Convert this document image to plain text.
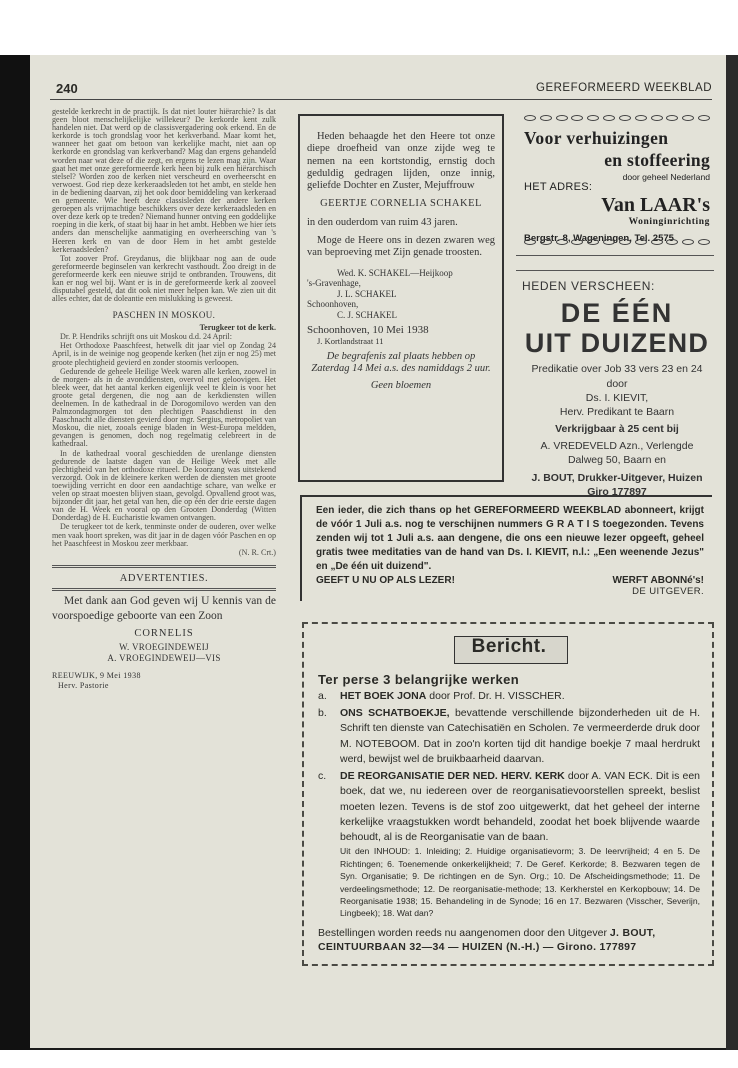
240	GEREFORMEERD WEEKBLAD

gestelde kerkrecht in de practijk. Is dat niet louter hiërarchie? Is dat geen bloot menschelijkelijke willekeur? De kerkorde kent zulk handelen niet. Dat werd op de classisvergadering ook erkend. En de kerkorde is toch grondslag voor het kerkverband. Maar komt het, wanneer het gaat om betoon van kerkelijke macht, niet aan op kerkorde en grondslag van kerkverband? Mag dan ergens gehandeld worden naar wat deze of die zegt, en ergens te lezen mag zijn. Waar gaat het met onze gereformeerde kerk heen bij zulk een hiërarchisch stelsel? Worden zoo de kerken niet verscheurd en overheerscht en verwoest. God riep deze kerkeraadsleden tot het ambt, en stelde hen in de bediening daarvan, zij het ook door bemiddeling van kerkeraad en gemeente. Wie heeft deze classisleden der andere kerken geroepen als vrijmachtige beschikkers over deze kerkeraadsleden en over deze kerk op te treden? Niemand hunner ontving een goddelijke roeping in die kerk, of staat bij haar in het ambt. Hebben we hier iets anders dan menschelijke aanmatiging en overheersching van 's Heeren kerk en van de door Hem in het ambt gestelde kerkeraadsleden?

Tot zoover Prof. Greydanus, die blijkbaar nog aan de oude gereformeerde beginselen van kerkrecht vasthoudt. Zoo dreigt in de gereformeerde kerk een nieuwe strijd te ontbranden. Trouwens, dit kan er nog wel bij. Want er is in de gereformeerde kerk al zooveel disputabel gesteld, dat dit ook niet meer helpen kan. We zien uit dit alles echter, dat de doleantie een mislukking is geweest.

PASCHEN IN MOSKOU.
Terugkeer tot de kerk.

Dr. P. Hendriks schrijft ons uit Moskou d.d. 24 April:

Het Orthodoxe Paaschfeest, hetwelk dit jaar viel op Zondag 24 April, is in de weinige nog geopende kerken (het zijn er nog 25) met groote plechtigheid gevierd en zonder stoornis verloopen.

Gedurende de geheele Heilige Week waren alle kerken, zoowel in de morgen- als in de avonddiensten, overvol met geloovigen. Het bleek weer, dat het aantal kerken eigenlijk veel te klein is voor het groote getal dergenen, die nog aan de kerkdiensten willen deelnemen. In de kathedraal in de Dorogomilovo werden van den Palmzondagmorgen tot den plechtigen Paaschdienst in den Paaschnacht alle diensten gevierd door mgr. Sergius, metropoliet van Moskou, die niet, zooals eenige bladen in West-Europa meldden, gevangen is genomen, doch nog regelmatig celebreert in de kathedraal.

In de kathedraal vooral geschiedden de urenlange diensten gedurende de laatste dagen van de Heilige Week met alle plechtigheid van het orthodoxe ritueel. De koorzang was uitstekend verzorgd. Ook in de kleinere kerken werden de diensten met groote toewijding verricht en door een aandachtige schare, van welke er velen op straat moesten blijven staan, gevolgd. Opvallend groot was, bijzonder dit jaar, het getal van hen, die op één der drie eerste dagen van de H. Week en vooral op den Grooten Donderdag (Witten Donderdag) de H. Eucharistie kwamen ontvangen.

De terugkeer tot de kerk, tenminste onder de ouderen, over welke men vaak hoort spreken, was dit jaar in de dagen vóór Paschen en op het Paaschfeest in Moskou zeer merkbaar.

(N. R. Crt.)
ADVERTENTIES.
Met dank aan God geven wij U kennis van de voorspoedige geboorte van een Zoon
CORNELIS
W. VROEGINDEWEIJ
A. VROEGINDEWEIJ—VIS
REEUWIJK, 9 Mei 1938
Herv. Pastorie
Heden behaagde het den Heere tot onze diepe droefheid van onze zijde weg te nemen na een kortstondig, ernstig doch geduldig gedragen lijden, onze innig, geliefde Dochter en Zuster, Mejuffrouw
GEERTJE CORNELIA SCHAKEL
in den ouderdom van ruim 43 jaren.
Moge de Heere ons in dezen zwaren weg van beproeving met Zijn genade troosten.
Wed. K. SCHAKEL—Heijkoop
's-Gravenhage,
J. L. SCHAKEL
Schoonhoven,
C. J. SCHAKEL
Schoonhoven, 10 Mei 1938
J. Kortlandstraat 11
De begrafenis zal plaats hebben op Zaterdag 14 Mei a.s. des namiddags 2 uur.
Geen bloemen
Voor verhuizingen
en stoffeering
door geheel Nederland
HET ADRES:
Van LAAR's
Woninginrichting
Bergstr. 8, Wageningen, Tel. 2575
HEDEN VERSCHEEN:
DE ÉÉN
UIT DUIZEND
Predikatie over Job 33 vers 23 en 24
door
Ds. I. KIEVIT,
Herv. Predikant te Baarn
Verkrijgbaar à 25 cent bij
A. VREDEVELD Azn., Verlengde Dalweg 50, Baarn en
J. BOUT, Drukker-Uitgever, Huizen Giro 177897
Een ieder, die zich thans op het GEREFORMEERD WEEKBLAD abonneert, krijgt de vóór 1 Juli a.s. nog te verschijnen nummers G R A T I S toegezonden. Tevens zenden wij tot 1 Juli a.s. aan dengene, die ons een nieuwe lezer opgeeft, geheel gratis twee meditaties van de hand van Ds. I. KIEVIT, n.l.: „Een weenende Jezus" en „De één uit duizend".
GEEFT U NU OP ALS LEZER!	WERFT ABONNé's!
DE UITGEVER.
Bericht.
Ter perse 3 belangrijke werken
a.	HET BOEK JONA door Prof. Dr. H. VISSCHER.
b.	ONS SCHATBOEKJE, bevattende verschillende bijzonderheden uit de H. Schrift ten dienste van Catechisatiën en Scholen. 7e vermeerderde druk door M. NOTEBOOM. Dat in zoo'n korten tijd dit handige boekje 7 maal herdrukt werd, bewijst wel de bruikbaarheid daarvan.
c.	DE REORGANISATIE DER NED. HERV. KERK door A. VAN ECK. Dit is een boek, dat we, nu iedereen over de reorganisatievoorstellen spreekt, beslist moeten lezen. Tevens is de stof zoo uitgewerkt, dat het geheel der interne kerkelijke vraagstukken wordt behandeld, zoodat het boek blijvende waarde behoudt, al is de Reorganisatie van de baan.
Uit den INHOUD: 1. Inleiding; 2. Huidige organisatievorm; 3. De leervrijheid; 4 en 5. De Richtingen; 6. Toenemende onkerkelijkheid; 7. De Geref. Kerkorde; 8. Bezwaren tegen de Syn. Organisatie; 9. De richtingen en de Syn. Org.; 10. De Afscheidingsmethode; 11. De verdeelingsmethode; 12. De reorganisatie-methode; 13. Kerkherstel en Kerkopbouw; 14. De Reorganisatie 1938; 15. Behandeling in de Synode; 16 en 17. Bezwaren (Visscher, Severijn, Lingbeek); 18. Wat dan?
Bestellingen worden reeds nu aangenomen door den Uitgever J. BOUT,
CEINTUURBAAN 32—34 — HUIZEN (N.-H.) — Girono. 177897
